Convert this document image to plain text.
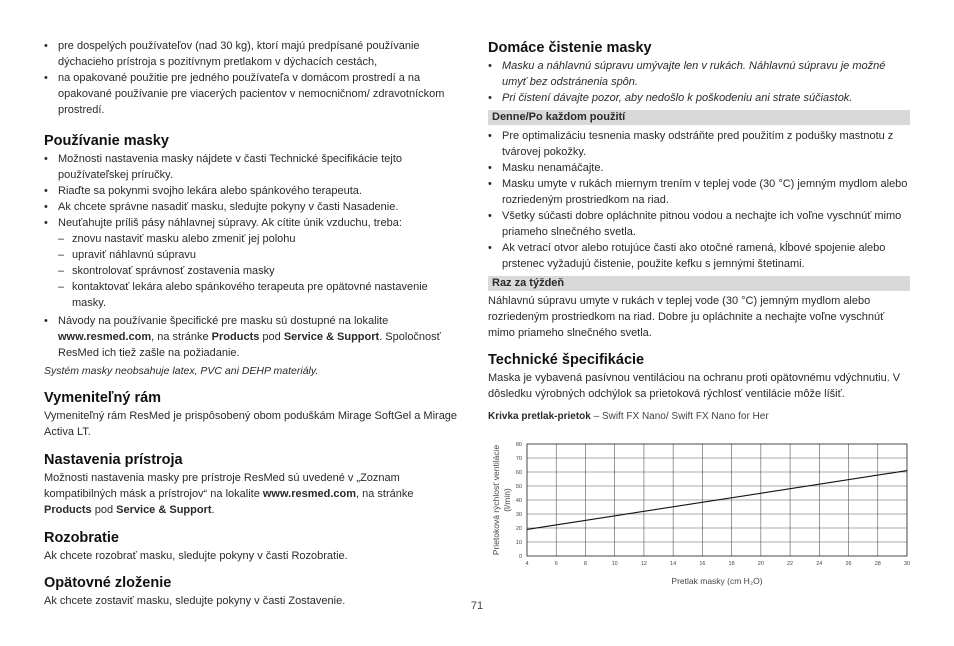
• pre dospelých používateľov (nad 30 kg), ktorí majú predpísané používanie dýchacieho prístroja s pozitívnym pretlakom v dýchacích cestách,
• na opakované použitie pre jedného používateľa v domácom prostredí a na opakované používanie pre viacerých pacientov v nemocničnom/ zdravotníckom prostredí.
Používanie masky
• Možnosti nastavenia masky nájdete v časti Technické špecifikácie tejto používateľskej príručky.
• Riaďte sa pokynmi svojho lekára alebo spánkového terapeuta.
• Ak chcete správne nasadiť masku, sledujte pokyny v časti Nasadenie.
• Neuťahujte príliš pásy náhlavnej súpravy. Ak cítite únik vzduchu, treba:
– znovu nastaviť masku alebo zmeniť jej polohu
– upraviť náhlavnú súpravu
– skontrolovať správnosť zostavenia masky
– kontaktovať lekára alebo spánkového terapeuta pre opätovné nastavenie masky.
• Návody na používanie špecifické pre masku sú dostupné na lokalite www.resmed.com, na stránke Products pod Service & Support. Spoločnosť ResMed ich tiež zašle na požiadanie.

Systém masky neobsahuje latex, PVC ani DEHP materiály.

Vymeniteľný rám

Vymeniteľný rám ResMed je prispôsobený obom poduškám Mirage SoftGel a Mirage Activa LT.

Nastavenia prístroja

Možnosti nastavenia masky pre prístroje ResMed sú uvedené v „Zoznam kompatibilných másk a prístrojov“ na lokalite www.resmed.com, na stránke Products pod Service & Support.

Rozobratie

Ak chcete rozobrať masku, sledujte pokyny v časti Rozobratie.

Opätovné zloženie

Ak chcete zostaviť masku, sledujte pokyny v časti Zostavenie.

Domáce čistenie masky
• Masku a náhlavnú súpravu umývajte len v rukách. Náhlavnú súpravu je možné umyť bez odstránenia spôn.
• Pri čistení dávajte pozor, aby nedošlo k poškodeniu ani strate súčiastok.
Denne/Po každom použití
• Pre optimalizáciu tesnenia masky odstráňte pred použitím z podušky mastnotu z tvárovej pokožky.
• Masku nenamáčajte.
• Masku umyte v rukách miernym trením v teplej vode (30 °C) jemným mydlom alebo rozriedeným prostriedkom na riad.
• Všetky súčasti dobre opláchnite pitnou vodou a nechajte ich voľne vyschnúť mimo priameho slnečného svetla.
• Ak vetrací otvor alebo rotujúce časti ako otočné ramená, kĺbové spojenie alebo prstenec vyžadujú čistenie, použite kefku s jemnými štetinami.
Raz za týždeň

Náhlavnú súpravu umyte v rukách v teplej vode (30 °C) jemným mydlom alebo rozriedeným prostriedkom na riad. Dobre ju opláchnite a nechajte voľne vyschnúť mimo priameho slnečného svetla.

Technické špecifikácie

Maska je vybavená pasívnou ventiláciou na ochranu proti opätovnému vdýchnutiu. V dôsledku výrobných odchýlok sa prietoková rýchlosť ventilácie môže líšiť.

Krivka pretlak-prietok – Swift FX Nano/ Swift FX Nano for Her
0
10
20
30
40
50
60
70
80
4	6	8	10	12	14	16	18	20	22	24	26	28	30
Prietoková rýchlosť ventilácie (l/min)
Pretlak masky (cm H₂O)
71
